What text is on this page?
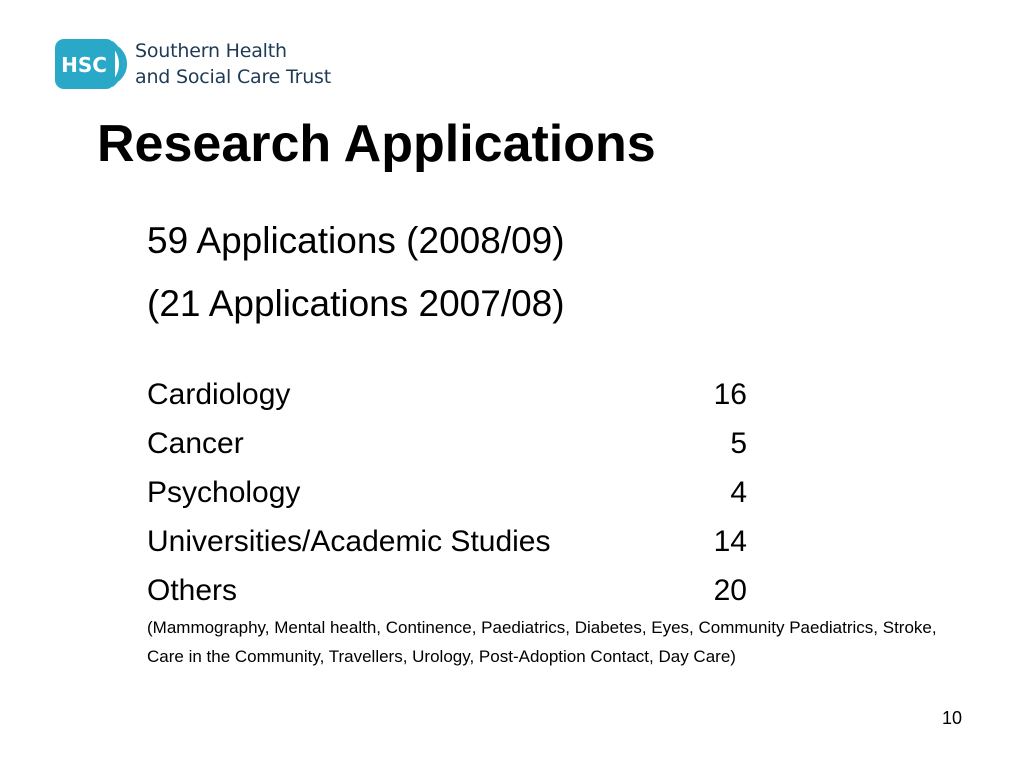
HSC
Southern Health
and Social Care Trust
Research Applications
59 Applications (2008/09)
(21 Applications 2007/08)
Cardiology	16
Cancer	5
Psychology	4
Universities/Academic Studies	14
Others	20
(Mammography, Mental health, Continence, Paediatrics, Diabetes, Eyes, Community Paediatrics, Stroke, Care in the Community, Travellers, Urology, Post-Adoption Contact, Day Care)
10
